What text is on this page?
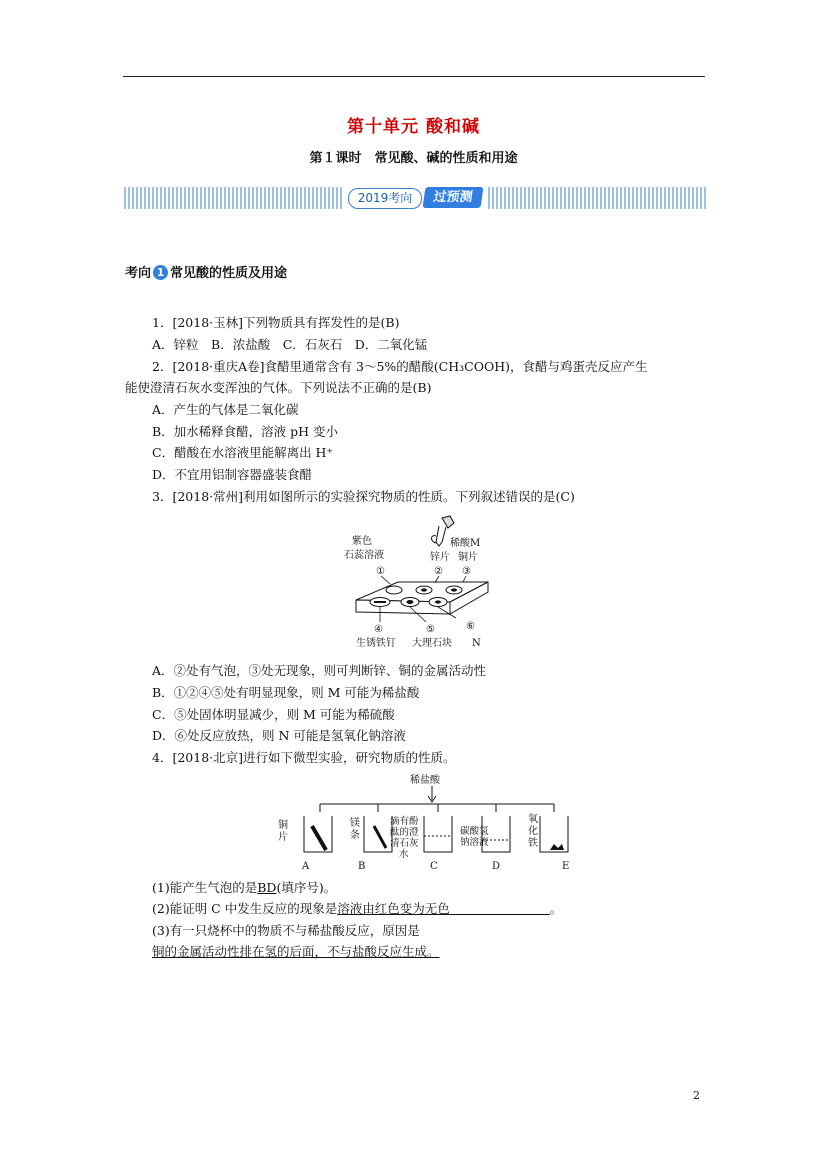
第十单元 酸和碱
第１课时　常见酸、碱的性质和用途
2019考向	过预测
考向 1 常见酸的性质及用途
1．[2018·玉林]下列物质具有挥发性的是(B)
A．锌粒　B．浓盐酸　C．石灰石　D．二氧化锰
2．[2018·重庆A卷]食醋里通常含有 3～5%的醋酸(CH₃COOH)，食醋与鸡蛋壳反应产生
能使澄清石灰水变浑浊的气体。下列说法不正确的是(B)
A．产生的气体是二氧化碳
B．加水稀释食醋，溶液 pH 变小
C．醋酸在水溶液里能解离出 H⁺
D．不宜用铝制容器盛装食醋
3．[2018·常州]利用如图所示的实验探究物质的性质。下列叙述错误的是(C)
紫色
石蕊溶液
稀酸M
锌片 铜片
①	② ③
④	⑤	⑥
生锈铁钉 大理石块 N
A．②处有气泡，③处无现象，则可判断锌、铜的金属活动性
B．①②④⑤处有明显现象，则 M 可能为稀盐酸
C．⑤处固体明显减少，则 M 可能为稀硫酸
D．⑥处反应放热，则 N 可能是氢氧化钠溶液
4．[2018·北京]进行如下微型实验，研究物质的性质。
稀盐酸
铜
片
镁
条
滴有酚
酞的澄
清石灰
水
碳酸氢
钠溶液
氧
化
铁
A	B	C	D	E
(1)能产生气泡的是BD(填序号)。
(2)能证明 C 中发生反应的现象是溶液由红色变为无色        	。
(3)有一只烧杯中的物质不与稀盐酸反应，原因是
铜的金属活动性排在氢的后面，不与盐酸反应生成。
2
